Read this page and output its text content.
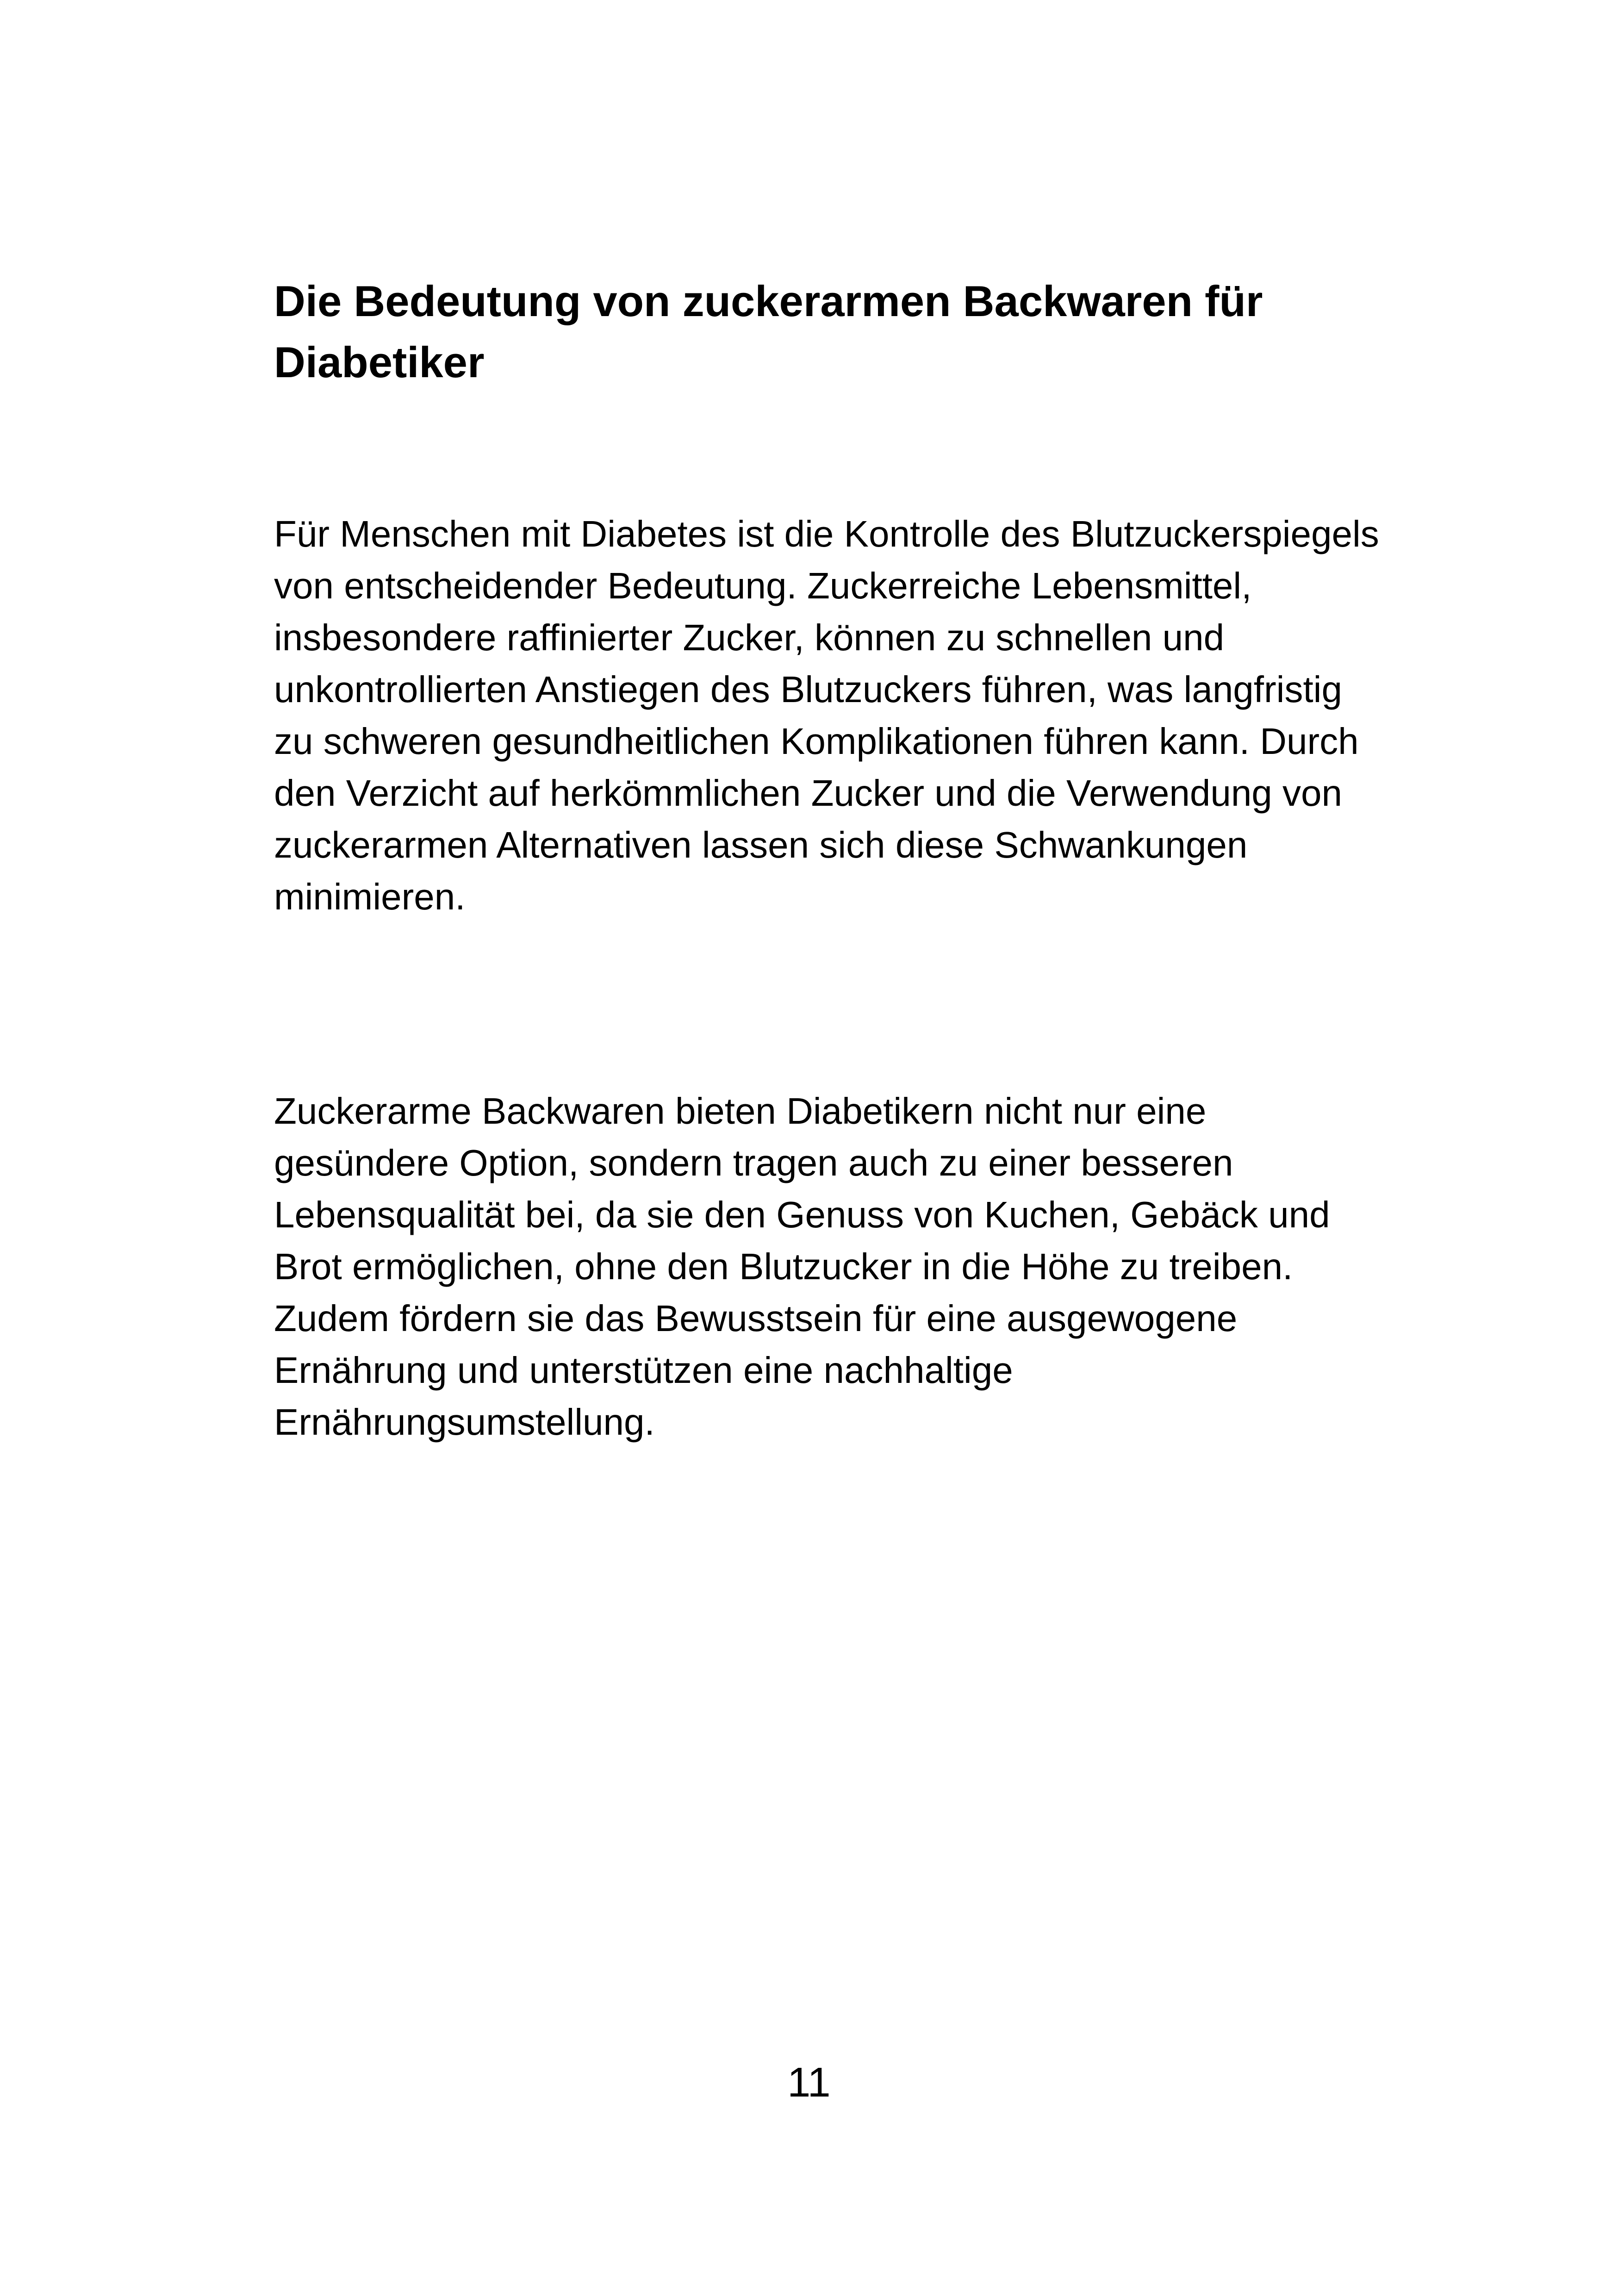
Die Bedeutung von zuckerarmen Backwaren für Diabetiker

Für Menschen mit Diabetes ist die Kontrolle des Blutzuckerspiegels von entscheidender Bedeutung. Zuckerreiche Lebensmittel, insbesondere raffinierter Zucker, können zu schnellen und unkontrollierten Anstiegen des Blutzuckers führen, was langfristig zu schweren gesundheitlichen Komplikationen führen kann. Durch den Verzicht auf herkömmlichen Zucker und die Verwendung von zuckerarmen Alternativen lassen sich diese Schwankungen minimieren.

Zuckerarme Backwaren bieten Diabetikern nicht nur eine gesündere Option, sondern tragen auch zu einer besseren Lebensqualität bei, da sie den Genuss von Kuchen, Gebäck und Brot ermöglichen, ohne den Blutzucker in die Höhe zu treiben. Zudem fördern sie das Bewusstsein für eine ausgewogene Ernährung und unterstützen eine nachhaltige Ernährungsumstellung.

11
